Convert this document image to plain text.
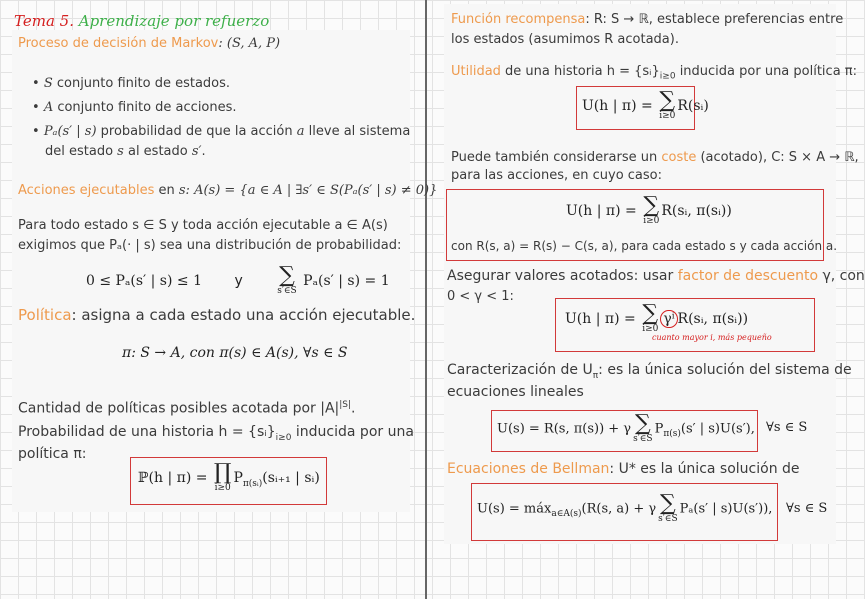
Tema 5. Aprendizaje por refuerzo
Proceso de decisión de Markov: (S, A, P)
• S conjunto finito de estados.
• A conjunto finito de acciones.
• Pₐ(s′ | s) probabilidad de que la acción a lleve al sistema
del estado s al estado s′.
Acciones ejecutables en s: A(s) = {a ∈ A | ∃s′ ∈ S(Pₐ(s′ | s) ≠ 0)}
Para todo estado s ∈ S y toda acción ejecutable a ∈ A(s)
exigimos que Pₐ(· | s) sea una distribución de probabilidad:
0 ≤ Pₐ(s′ | s) ≤ 1 y ∑
s′∈S
Pₐ(s′ | s) = 1
Política: asigna a cada estado una acción ejecutable.
π: S → A, con π(s) ∈ A(s), ∀s ∈ S
Cantidad de políticas posibles acotada por $|A|^{|S|}$.
Probabilidad de una historia $h = \{sᵢ\}_{i\ge 0}$ inducida por una
política π:
ℙ(h | π) = ∏
i≥0
$P_{\pi(sᵢ)}(sᵢ_{+1}$ | sᵢ)
Función recompensa: R: S → ℝ, establece preferencias entre
los estados (asumimos R acotada).
Utilidad de una historia $h = \{sᵢ\}_{i\ge 0}$ inducida por una política π:
U(h | π) = ∑
i≥0
R(sᵢ)
Puede también considerarse un coste (acotado), C: S × A → ℝ,
para las acciones, en cuyo caso:
U(h | π) = ∑
i≥0
R(sᵢ, π(sᵢ))
con R(s, a) = R(s) − C(s, a), para cada estado s y cada acción a.
Asegurar valores acotados: usar factor de descuento γ, con
0 < γ < 1:
U(h | π) = ∑
i≥0
γⁱ R(sᵢ, π(sᵢ))
cuanto mayor i, más pequeño
Caracterización de $U_\pi$: es la única solución del sistema de
ecuaciones lineales
U(s) = R(s, π(s)) + γ ∑
s′∈S
$P_{\pi(s)}(s'$ | s)U(s′), ∀s ∈ S
Ecuaciones de Bellman: U* es la única solución de
U(s) = máx$_{a\in A(s)}$(R(s, a) + γ ∑
s′∈S
Pₐ(s′ | s)U(s′)), ∀s ∈ S
